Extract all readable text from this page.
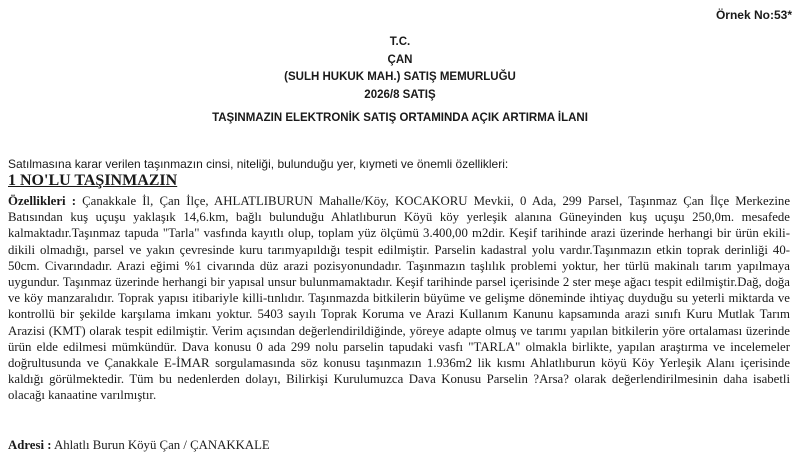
Örnek No:53*
T.C.
ÇAN
(SULH HUKUK MAH.) SATIŞ MEMURLUĞU
2026/8 SATIŞ
TAŞINMAZIN ELEKTRONİK SATIŞ ORTAMINDA AÇIK ARTIRMA İLANI
Satılmasına karar verilen taşınmazın cinsi, niteliği, bulunduğu yer, kıymeti ve önemli özellikleri:
1 NO'LU TAŞINMAZIN
Özellikleri : Çanakkale İl, Çan İlçe, AHLATLIBURUN Mahalle/Köy, KOCAKORU Mevkii, 0 Ada, 299 Parsel, Taşınmaz Çan İlçe Merkezine Batısından kuş uçuşu yaklaşık 14,6.km, bağlı bulunduğu Ahlatlıburun Köyü köy yerleşik alanına Güneyinden kuş uçuşu 250,0m. mesafede kalmaktadır.Taşınmaz tapuda "Tarla" vasfında kayıtlı olup, toplam yüz ölçümü 3.400,00 m2dir. Keşif tarihinde arazi üzerinde herhangi bir ürün ekili-dikili olmadığı, parsel ve yakın çevresinde kuru tarımyapıldığı tespit edilmiştir. Parselin kadastral yolu vardır.Taşınmazın etkin toprak derinliği 40-50cm. Civarındadır. Arazi eğimi %1 civarında düz arazi pozisyonundadır. Taşınmazın taşlılık problemi yoktur, her türlü makinalı tarım yapılmaya uygundur. Taşınmaz üzerinde herhangi bir yapısal unsur bulunmamaktadır. Keşif tarihinde parsel içerisinde 2 ster meşe ağacı tespit edilmiştir.Dağ, doğa ve köy manzaralıdır. Toprak yapısı itibariyle killi-tınlıdır. Taşınmazda bitkilerin büyüme ve gelişme döneminde ihtiyaç duyduğu su yeterli miktarda ve kontrollü bir şekilde karşılama imkanı yoktur. 5403 sayılı Toprak Koruma ve Arazi Kullanım Kanunu kapsamında arazi sınıfı Kuru Mutlak Tarım Arazisi (KMT) olarak tespit edilmiştir. Verim açısından değerlendirildiğinde, yöreye adapte olmuş ve tarımı yapılan bitkilerin yöre ortalaması üzerinde ürün elde edilmesi mümkündür. Dava konusu 0 ada 299 nolu parselin tapudaki vasfı "TARLA" olmakla birlikte, yapılan araştırma ve incelemeler doğrultusunda ve Çanakkale E-İMAR sorgulamasında söz konusu taşınmazın 1.936m2 lik kısmı Ahlatlıburun köyü Köy Yerleşik Alanı içerisinde kaldığı görülmektedir. Tüm bu nedenlerden dolayı, Bilirkişi Kurulumuzca Dava Konusu Parselin ?Arsa? olarak değerlendirilmesinin daha isabetli olacağı kanaatine varılmıştır.
Adresi : Ahlatlı Burun Köyü Çan / ÇANAKKALE
